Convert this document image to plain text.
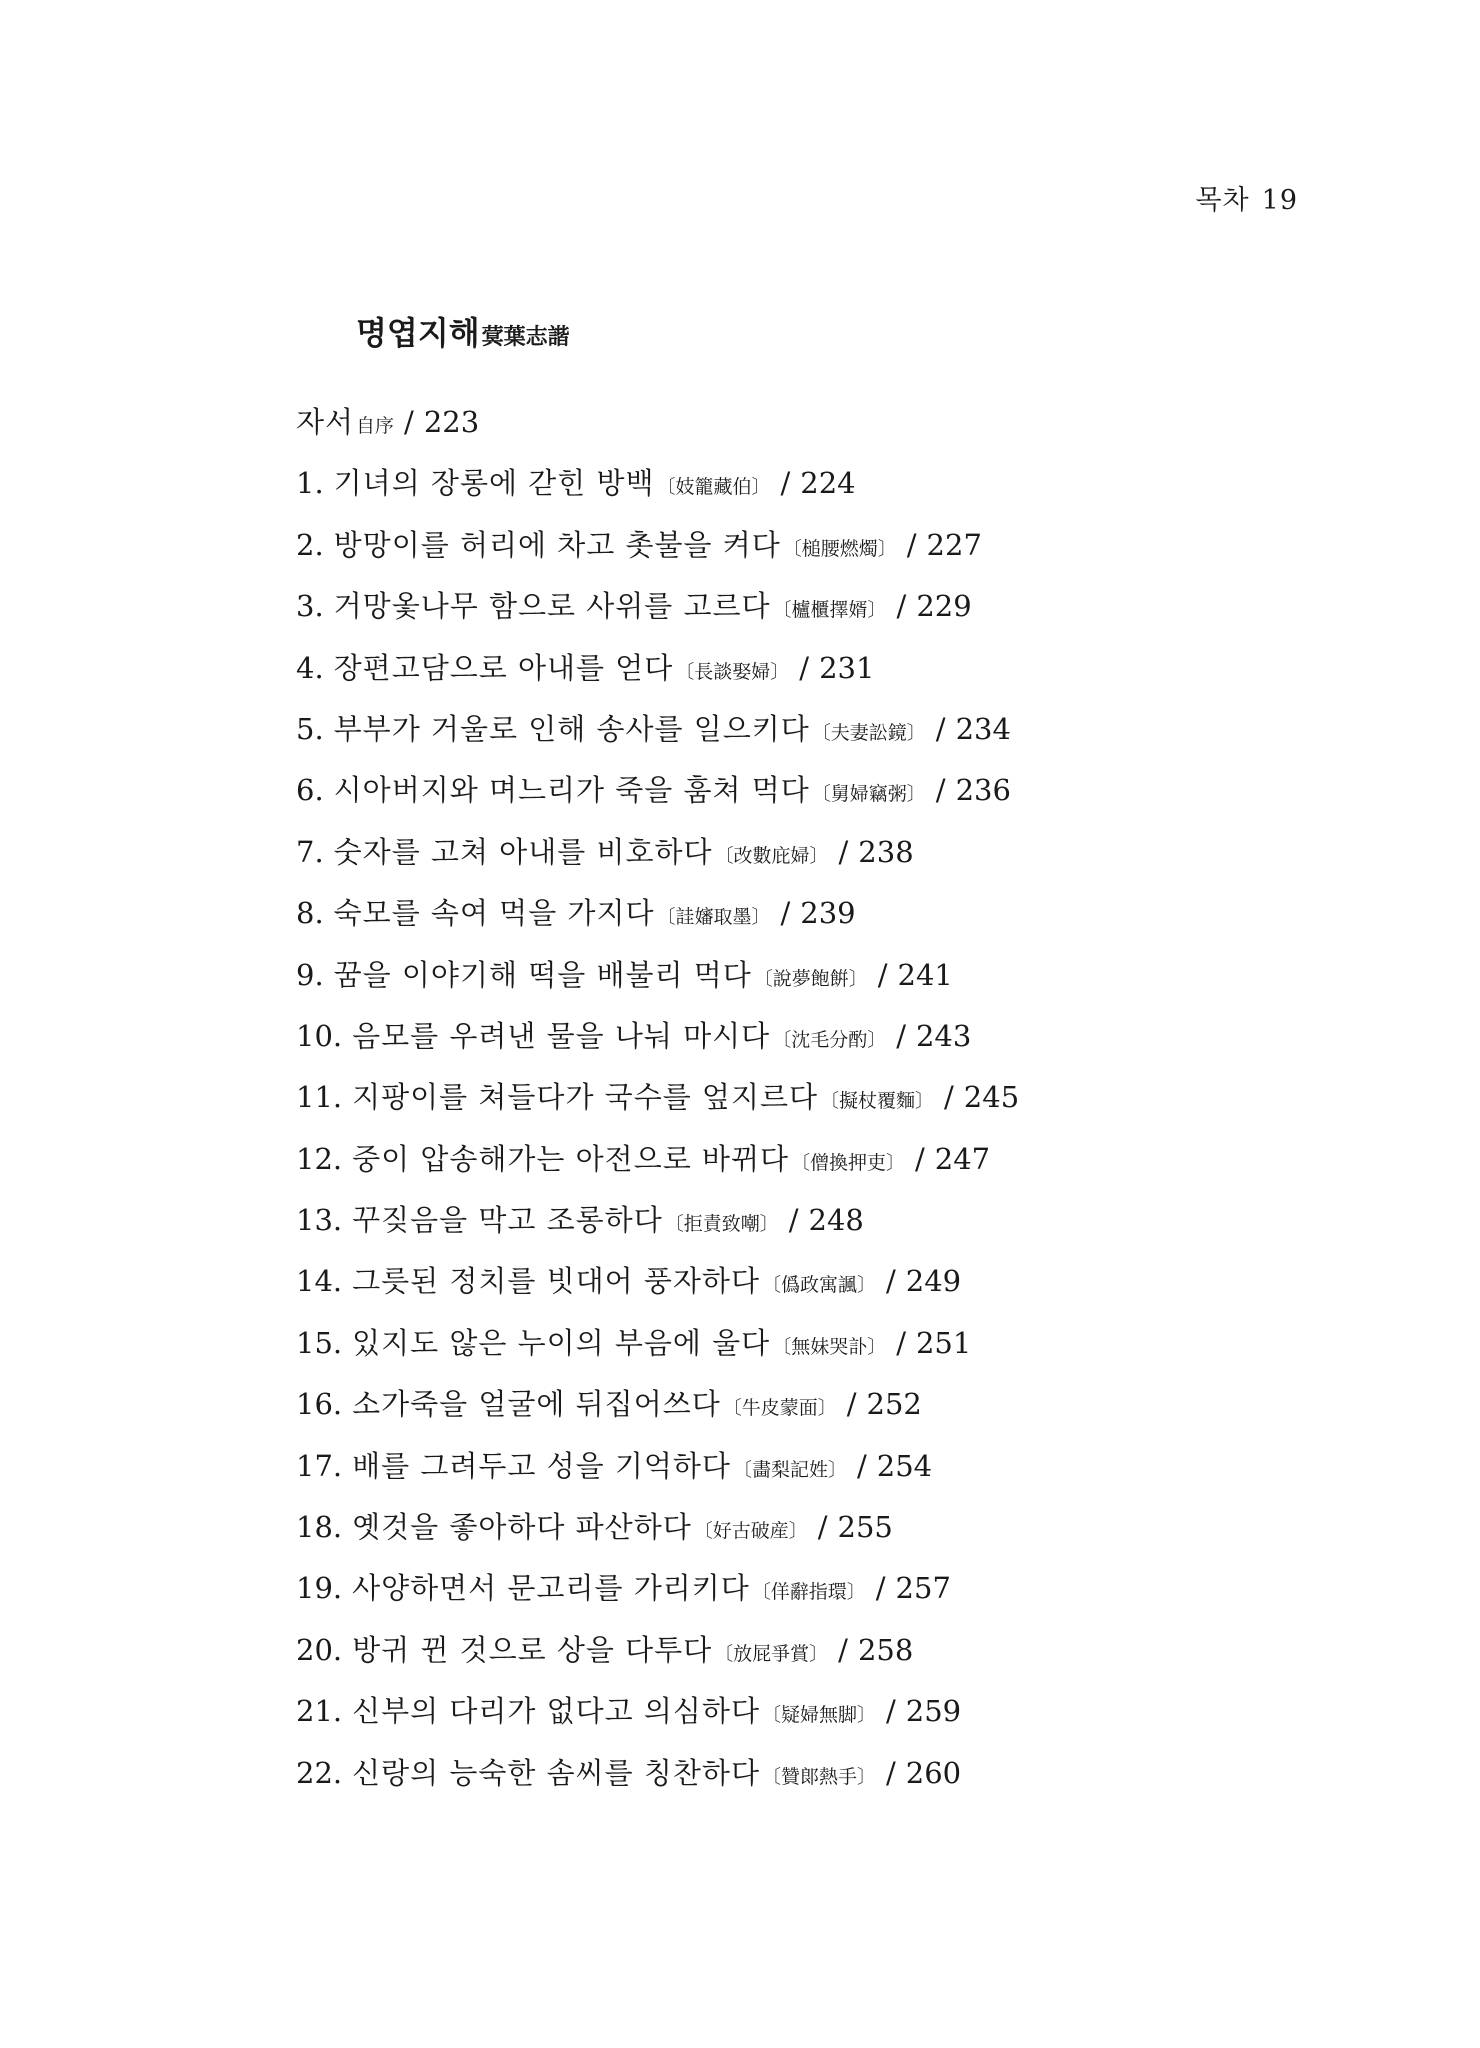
목차 19
명엽지해蓂葉志諧
자서 自序 / 223
1. 기녀의 장롱에 갇힌 방백 〔妓籠藏伯〕 / 224
2. 방망이를 허리에 차고 촛불을 켜다 〔槌腰燃燭〕 / 227
3. 거망옻나무 함으로 사위를 고르다 〔櫨櫃擇婿〕 / 229
4. 장편고담으로 아내를 얻다 〔長談娶婦〕 / 231
5. 부부가 거울로 인해 송사를 일으키다 〔夫妻訟鏡〕 / 234
6. 시아버지와 며느리가 죽을 훔쳐 먹다 〔舅婦竊粥〕 / 236
7. 숫자를 고쳐 아내를 비호하다 〔改數庇婦〕 / 238
8. 숙모를 속여 먹을 가지다 〔詿嬸取墨〕 / 239
9. 꿈을 이야기해 떡을 배불리 먹다 〔說夢飽餠〕 / 241
10. 음모를 우려낸 물을 나눠 마시다 〔沈毛分酌〕 / 243
11. 지팡이를 쳐들다가 국수를 엎지르다 〔擬杖覆麵〕 / 245
12. 중이 압송해가는 아전으로 바뀌다 〔僧換押吏〕 / 247
13. 꾸짖음을 막고 조롱하다 〔拒責致嘲〕 / 248
14. 그릇된 정치를 빗대어 풍자하다 〔僞政寓諷〕 / 249
15. 있지도 않은 누이의 부음에 울다 〔無妹哭訃〕 / 251
16. 소가죽을 얼굴에 뒤집어쓰다 〔牛皮蒙面〕 / 252
17. 배를 그려두고 성을 기억하다 〔畵梨記姓〕 / 254
18. 옛것을 좋아하다 파산하다 〔好古破産〕 / 255
19. 사양하면서 문고리를 가리키다 〔佯辭指環〕 / 257
20. 방귀 뀐 것으로 상을 다투다 〔放屁爭賞〕 / 258
21. 신부의 다리가 없다고 의심하다 〔疑婦無脚〕 / 259
22. 신랑의 능숙한 솜씨를 칭찬하다 〔贊郞熱手〕 / 260
